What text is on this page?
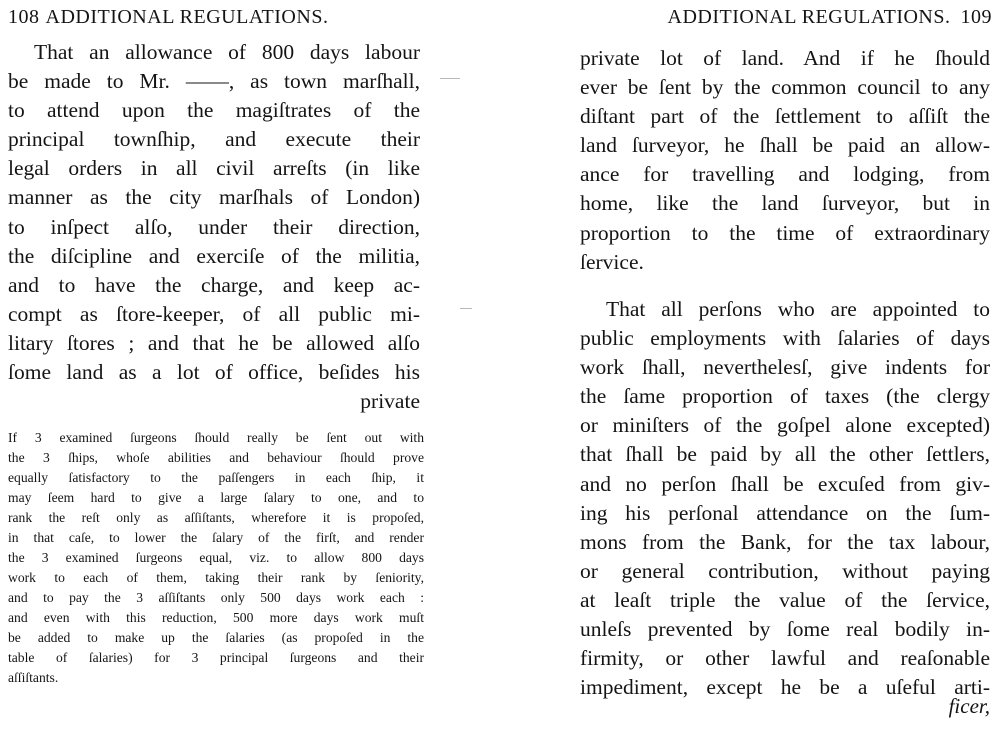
108 ADDITIONAL REGULATIONS.
That an allowance of 800 days labour
be made to Mr. ——, as town marſhall,
to attend upon the magiſtrates of the
principal townſhip, and execute their
legal orders in all civil arreſts (in like
manner as the city marſhals of London)
to inſpect alſo, under their direction,
the diſcipline and exerciſe of the militia,
and to have the charge, and keep ac-
compt as ſtore-keeper, of all public mi-
litary ſtores ; and that he be allowed alſo
ſome land as a lot of office, beſides his
private
If 3 examined ſurgeons ſhould really be ſent out with
the 3 ſhips, whoſe abilities and behaviour ſhould prove
equally ſatisfactory to the paſſengers in each ſhip, it
may ſeem hard to give a large ſalary to one, and to
rank the reſt only as aſſiſtants, wherefore it is propoſed,
in that caſe, to lower the ſalary of the firſt, and render
the 3 examined ſurgeons equal, viz. to allow 800 days
work to each of them, taking their rank by ſeniority,
and to pay the 3 aſſiſtants only 500 days work each :
and even with this reduction, 500 more days work muſt
be added to make up the ſalaries (as propoſed in the
table of ſalaries) for 3 principal ſurgeons and their
aſſiſtants.
ADDITIONAL REGULATIONS. 109
private lot of land. And if he ſhould
ever be ſent by the common council to any
diſtant part of the ſettlement to aſſiſt the
land ſurveyor, he ſhall be paid an allow-
ance for travelling and lodging, from
home, like the land ſurveyor, but in
proportion to the time of extraordinary
ſervice.
That all perſons who are appointed to
public employments with ſalaries of days
work ſhall, neverthelesſ, give indents for
the ſame proportion of taxes (the clergy
or miniſters of the goſpel alone excepted)
that ſhall be paid by all the other ſettlers,
and no perſon ſhall be excuſed from giv-
ing his perſonal attendance on the ſum-
mons from the Bank, for the tax labour,
or general contribution, without paying
at leaſt triple the value of the ſervice,
unleſs prevented by ſome real bodily in-
firmity, or other lawful and reaſonable
impediment, except he be a uſeful arti-
ficer,
